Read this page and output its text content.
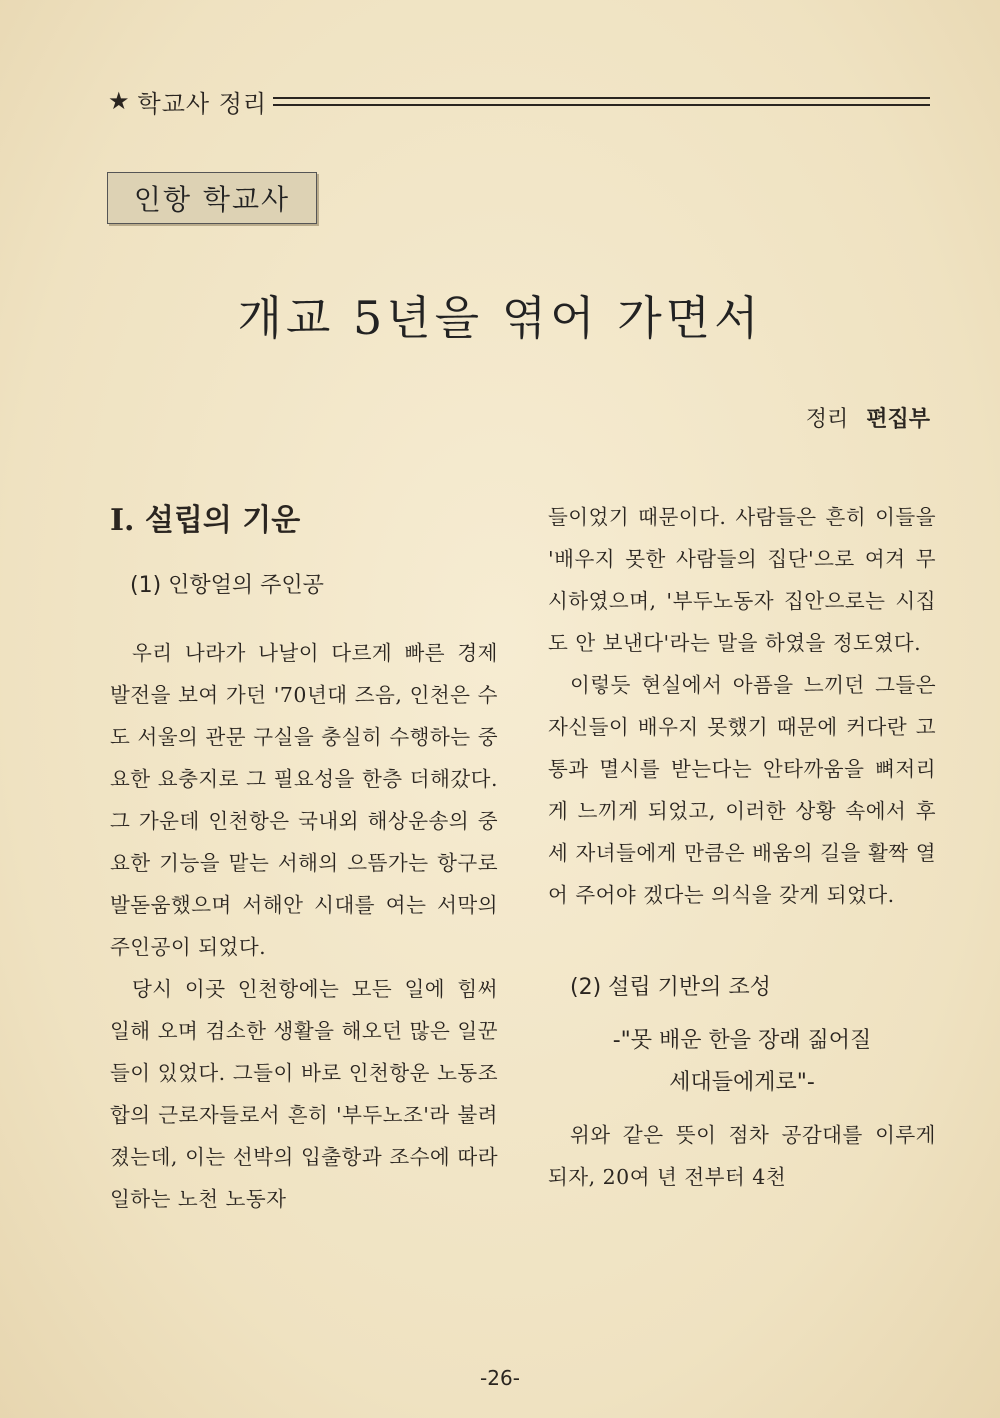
★ 학교사 정리
인항 학교사
개교 5년을 엮어 가면서
정리 편집부
Ⅰ. 설립의 기운
(1) 인항얼의 주인공

우리 나라가 나날이 다르게 빠른 경제 발전을 보여 가던 '70년대 즈음, 인천은 수도 서울의 관문 구실을 충실히 수행하는 중요한 요충지로 그 필요성을 한층 더해갔다. 그 가운데 인천항은 국내외 해상운송의 중요한 기능을 맡는 서해의 으뜸가는 항구로 발돋움했으며 서해안 시대를 여는 서막의 주인공이 되었다.

당시 이곳 인천항에는 모든 일에 힘써 일해 오며 검소한 생활을 해오던 많은 일꾼들이 있었다. 그들이 바로 인천항운 노동조합의 근로자들로서 흔히 '부두노조'라 불려졌는데, 이는 선박의 입출항과 조수에 따라 일하는 노천 노동자

들이었기 때문이다. 사람들은 흔히 이들을 '배우지 못한 사람들의 집단'으로 여겨 무시하였으며, '부두노동자 집안으로는 시집도 안 보낸다'라는 말을 하였을 정도였다.

이렇듯 현실에서 아픔을 느끼던 그들은 자신들이 배우지 못했기 때문에 커다란 고통과 멸시를 받는다는 안타까움을 뼈저리게 느끼게 되었고, 이러한 상황 속에서 후세 자녀들에게 만큼은 배움의 길을 활짝 열어 주어야 겠다는 의식을 갖게 되었다.

(2) 설립 기반의 조성
-"못 배운 한을 장래 짊어질
세대들에게로"-

위와 같은 뜻이 점차 공감대를 이루게 되자, 20여 년 전부터 4천

-26-
